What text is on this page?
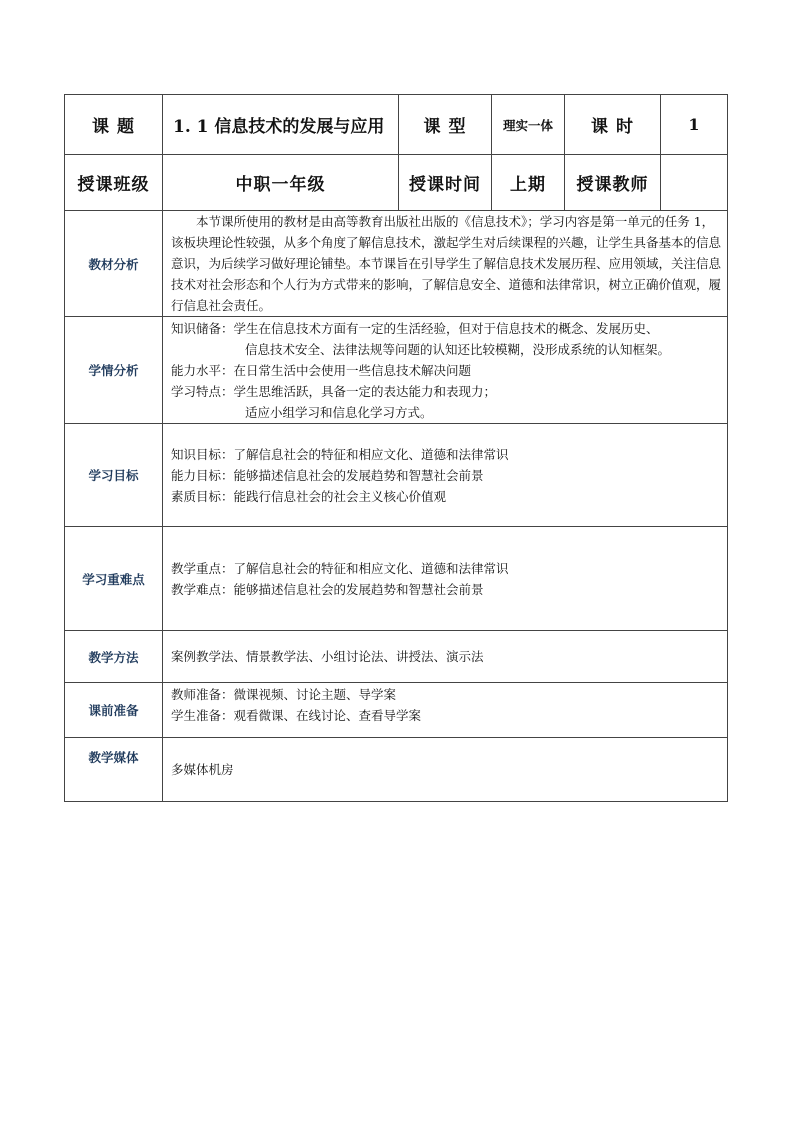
课 题	1. 1 信息技术的发展与应用	课 型	理实一体	课 时	1
授课班级	中职一年级	授课时间	上期	授课教师	
教材分析	本节课所使用的教材是由高等教育出版社出版的《信息技术》；学习内容是第一单元的任务 1，该板块理论性较强，从多个角度了解信息技术，激起学生对后续课程的兴趣，让学生具备基本的信息意识，为后续学习做好理论铺垫。本节课旨在引导学生了解信息技术发展历程、应用领域，关注信息技术对社会形态和个人行为方式带来的影响，了解信息安全、道德和法律常识，树立正确价值观，履行信息社会责任。				

学情分析	知识储备：学生在信息技术方面有一定的生活经验，但对于信息技术的概念、发展历史、

信息技术安全、法律法规等问题的认知还比较模糊，没形成系统的认知框架。

能力水平：在日常生活中会使用一些信息技术解决问题

学习特点：学生思维活跃，具备一定的表达能力和表现力；

适应小组学习和信息化学习方式。				

学习目标	知识目标：了解信息社会的特征和相应文化、道德和法律常识

能力目标：能够描述信息社会的发展趋势和智慧社会前景

素质目标：能践行信息社会的社会主义核心价值观				

学习重难点	教学重点：了解信息社会的特征和相应文化、道德和法律常识

教学难点：能够描述信息社会的发展趋势和智慧社会前景				

教学方法	案例教学法、情景教学法、小组讨论法、讲授法、演示法				

课前准备	教师准备：微课视频、讨论主题、导学案

学生准备：观看微课、在线讨论、查看导学案				

教学媒体	多媒体机房				
